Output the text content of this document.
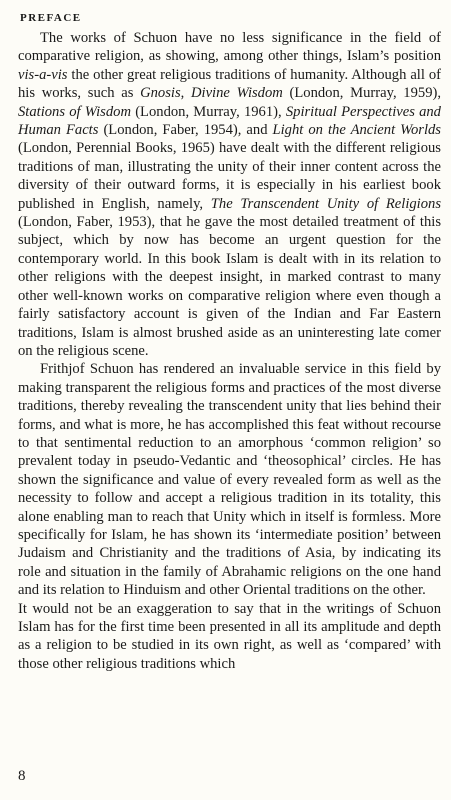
PREFACE

The works of Schuon have no less significance in the field of comparative religion, as showing, among other things, Islam’s position vis-a-vis the other great religious traditions of humanity. Although all of his works, such as Gnosis, Divine Wisdom (London, Murray, 1959), Stations of Wisdom (London, Murray, 1961), Spiritual Perspectives and Human Facts (London, Faber, 1954), and Light on the Ancient Worlds (London, Perennial Books, 1965) have dealt with the different religious traditions of man, illustrating the unity of their inner content across the diversity of their outward forms, it is especially in his earliest book published in English, namely, The Transcendent Unity of Religions (London, Faber, 1953), that he gave the most detailed treatment of this subject, which by now has become an urgent question for the contemporary world. In this book Islam is dealt with in its relation to other religions with the deepest insight, in marked contrast to many other well-known works on comparative religion where even though a fairly satisfactory account is given of the Indian and Far Eastern traditions, Islam is almost brushed aside as an uninteresting late comer on the religious scene.

Frithjof Schuon has rendered an invaluable service in this field by making transparent the religious forms and practices of the most diverse traditions, thereby revealing the transcendent unity that lies behind their forms, and what is more, he has accomplished this feat without recourse to that sentimental reduction to an amorphous ‘common religion’ so prevalent today in pseudo-Vedantic and ‘theosophical’ circles. He has shown the significance and value of every revealed form as well as the necessity to follow and accept a religious tradition in its totality, this alone enabling man to reach that Unity which in itself is formless. More specifically for Islam, he has shown its ‘intermediate position’ between Judaism and Christianity and the traditions of Asia, by indicating its role and situation in the family of Abrahamic religions on the one hand and its relation to Hinduism and other Oriental traditions on the other.

It would not be an exaggeration to say that in the writings of Schuon Islam has for the first time been presented in all its amplitude and depth as a religion to be studied in its own right, as well as ‘compared’ with those other religious traditions which

8
